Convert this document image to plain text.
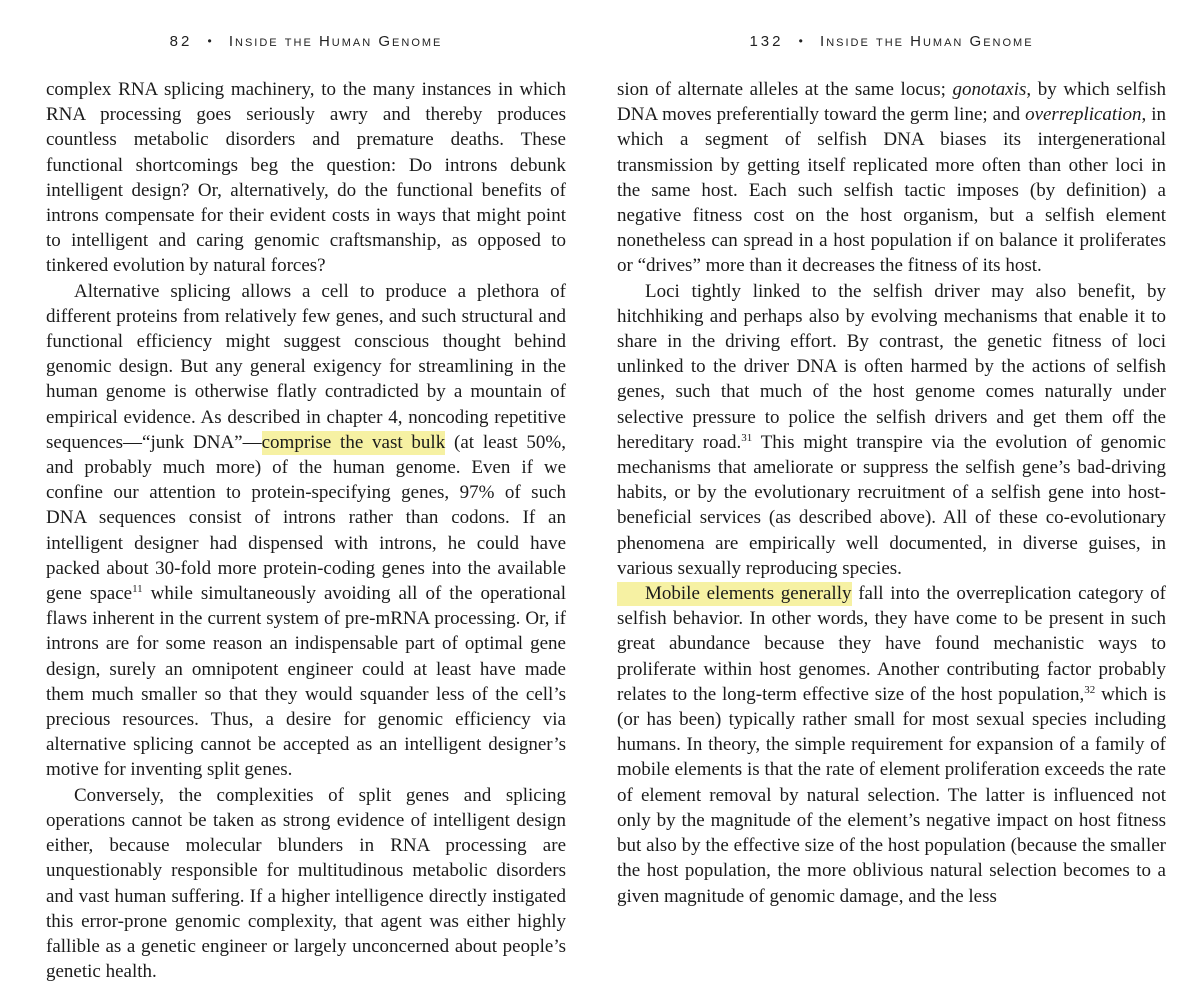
82 • Inside the Human Genome

complex RNA splicing machinery, to the many instances in which RNA processing goes seriously awry and thereby produces countless metabolic disorders and premature deaths. These functional shortcomings beg the question: Do introns debunk intelligent design? Or, alternatively, do the functional benefits of introns compensate for their evident costs in ways that might point to intelligent and caring genomic craftsmanship, as opposed to tinkered evolution by natural forces?

Alternative splicing allows a cell to produce a plethora of different proteins from relatively few genes, and such structural and functional efficiency might suggest conscious thought behind genomic design. But any general exigency for streamlining in the human genome is otherwise flatly contradicted by a mountain of empirical evidence. As described in chapter 4, noncoding repetitive sequences—“junk DNA”—comprise the vast bulk (at least 50%, and probably much more) of the human genome. Even if we confine our attention to protein-specifying genes, 97% of such DNA sequences consist of introns rather than codons. If an intelligent designer had dispensed with introns, he could have packed about 30-fold more protein-coding genes into the available gene space$^{11}$ while simultaneously avoiding all of the operational flaws inherent in the current system of pre-mRNA processing. Or, if introns are for some reason an indispensable part of optimal gene design, surely an omnipotent engineer could at least have made them much smaller so that they would squander less of the cell’s precious resources. Thus, a desire for genomic efficiency via alternative splicing cannot be accepted as an intelligent designer’s motive for inventing split genes.

Conversely, the complexities of split genes and splicing operations cannot be taken as strong evidence of intelligent design either, because molecular blunders in RNA processing are unquestionably responsible for multitudinous metabolic disorders and vast human suffering. If a higher intelligence directly instigated this error-prone genomic complexity, that agent was either highly fallible as a genetic engineer or largely unconcerned about people’s genetic health.

132 • Inside the Human Genome

sion of alternate alleles at the same locus; gonotaxis, by which selfish DNA moves preferentially toward the germ line; and overreplication, in which a segment of selfish DNA biases its intergenerational transmission by getting itself replicated more often than other loci in the same host. Each such selfish tactic imposes (by definition) a negative fitness cost on the host organism, but a selfish element nonetheless can spread in a host population if on balance it proliferates or “drives” more than it decreases the fitness of its host.

Loci tightly linked to the selfish driver may also benefit, by hitchhiking and perhaps also by evolving mechanisms that enable it to share in the driving effort. By contrast, the genetic fitness of loci unlinked to the driver DNA is often harmed by the actions of selfish genes, such that much of the host genome comes naturally under selective pressure to police the selfish drivers and get them off the hereditary road.$^{31}$ This might transpire via the evolution of genomic mechanisms that ameliorate or suppress the selfish gene’s bad-driving habits, or by the evolutionary recruitment of a selfish gene into host-beneficial services (as described above). All of these co-evolutionary phenomena are empirically well documented, in diverse guises, in various sexually reproducing species.

Mobile elements generally fall into the overreplication category of selfish behavior. In other words, they have come to be present in such great abundance because they have found mechanistic ways to proliferate within host genomes. Another contributing factor probably relates to the long-term effective size of the host population,$^{32}$ which is (or has been) typically rather small for most sexual species including humans. In theory, the simple requirement for expansion of a family of mobile elements is that the rate of element proliferation exceeds the rate of element removal by natural selection. The latter is influenced not only by the magnitude of the element’s negative impact on host fitness but also by the effective size of the host population (because the smaller the host population, the more oblivious natural selection becomes to a given magnitude of genomic damage, and the less
